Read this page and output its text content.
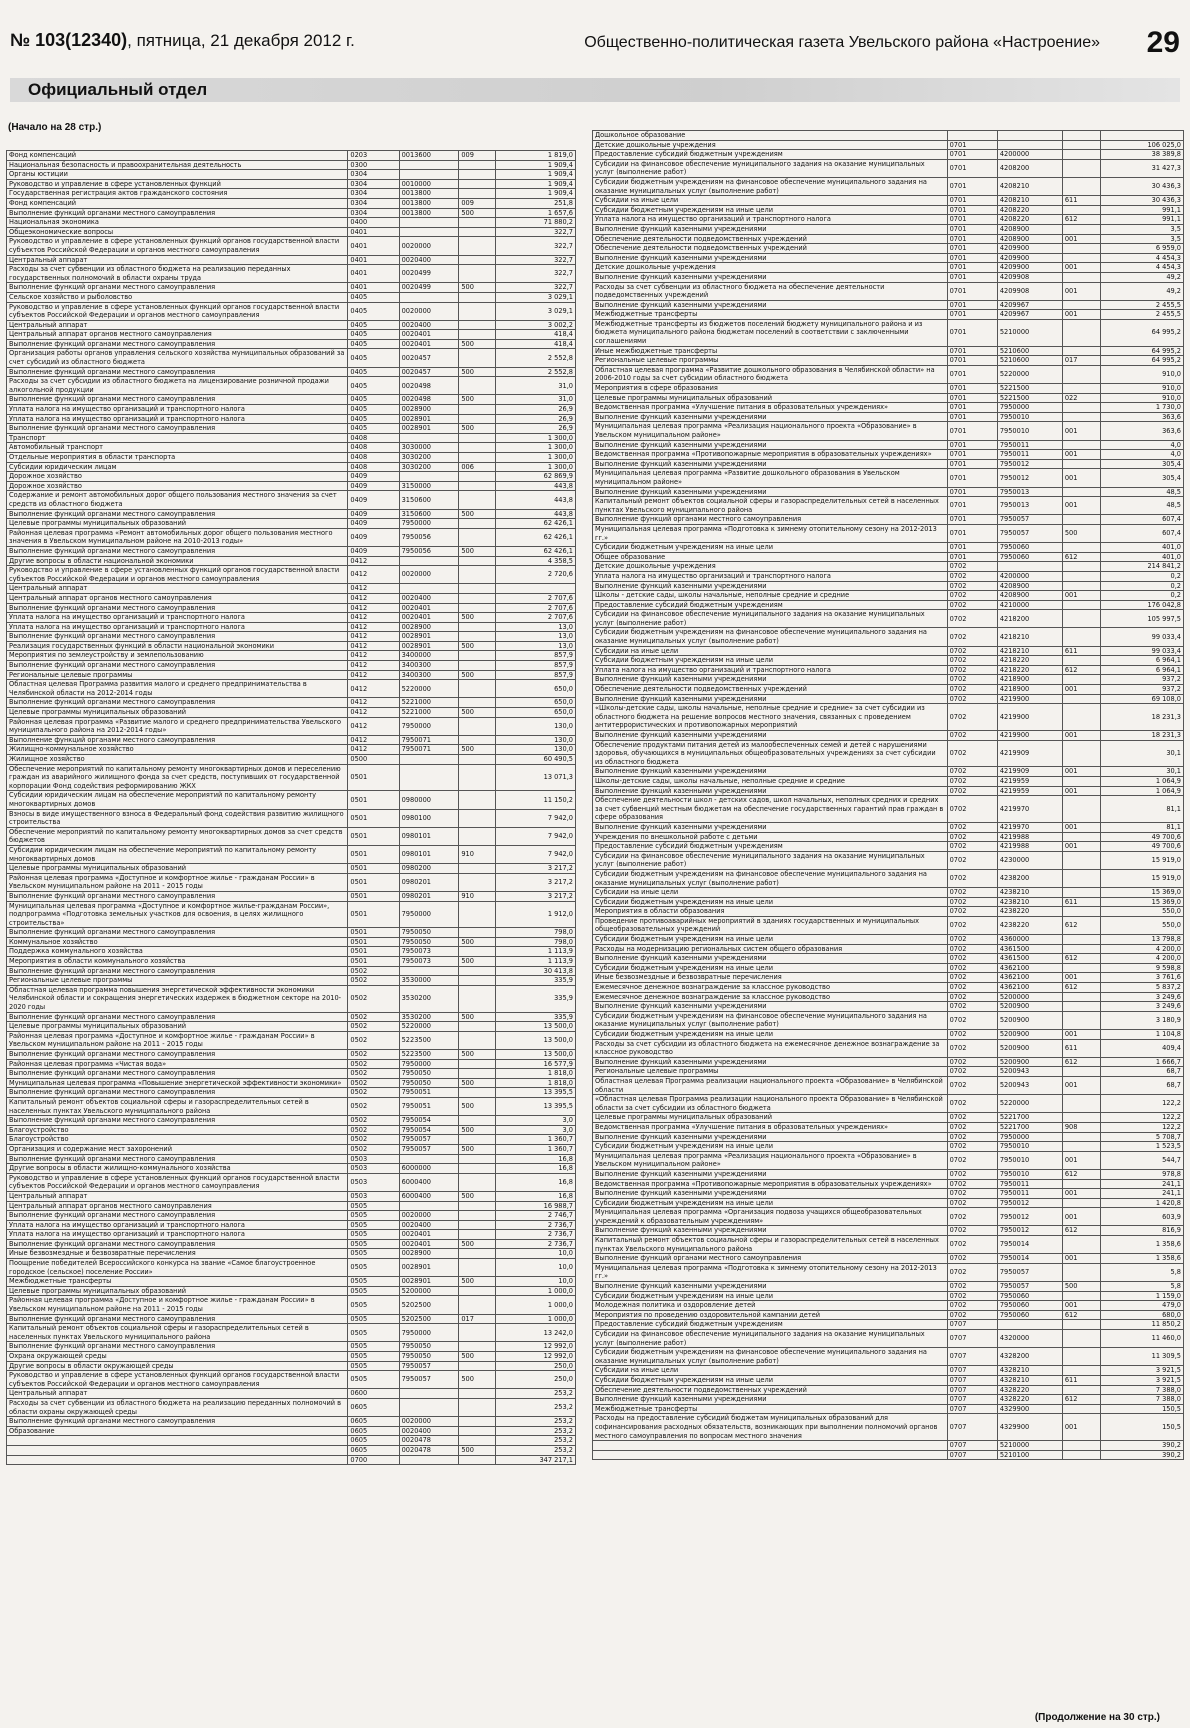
№ 103(12340), пятница, 21 декабря 2012 г.	Общественно-политическая газета Увельского района «Настроение» 29
Официальный отдел
(Начало на 28 стр.)
Фонд компенсаций	0203	0013600	009	1 819,0
Национальная безопасность и правоохранительная деятельность	0300			1 909,4
Органы юстиции	0304			1 909,4
Руководство и управление в сфере установленных функций	0304	0010000		1 909,4
Государственная регистрация актов гражданского состояния	0304	0013800		1 909,4
Фонд компенсаций	0304	0013800	009	251,8
Выполнение функций органами местного самоуправления	0304	0013800	500	1 657,6
Национальная экономика	0400			71 880,2
Общеэкономические вопросы	0401			322,7
Руководство и управление в сфере установленных функций органов государственной власти субъектов Российской Федерации и органов местного самоуправления	0401	0020000		322,7
Центральный аппарат	0401	0020400		322,7
Расходы за счет субвенции из областного бюджета на реализацию переданных государственных полномочий в области охраны труда	0401	0020499		322,7
Выполнение функций органами местного самоуправления	0401	0020499	500	322,7
Сельское хозяйство и рыболовство	0405			3 029,1
Руководство и управление в сфере установленных функций органов государственной власти субъектов Российской Федерации и органов местного самоуправления	0405	0020000		3 029,1
Центральный аппарат	0405	0020400		3 002,2
Центральный аппарат органов местного самоуправления	0405	0020401		418,4
Выполнение функций органами местного самоуправления	0405	0020401	500	418,4
Организация работы органов управления сельского хозяйства муниципальных образований за счет субсидий из областного бюджета	0405	0020457		2 552,8
Выполнение функций органами местного самоуправления	0405	0020457	500	2 552,8
Расходы за счет субсидии из областного бюджета на лицензирование розничной продажи алкогольной продукции	0405	0020498		31,0
Выполнение функций органами местного самоуправления	0405	0020498	500	31,0
Уплата налога на имущество организаций и транспортного налога	0405	0028900		26,9
Уплата налога на имущество организаций и транспортного налога	0405	0028901		26,9
Выполнение функций органами местного самоуправления	0405	0028901	500	26,9
Транспорт	0408			1 300,0
Автомобильный транспорт	0408	3030000		1 300,0
Отдельные мероприятия в области транспорта	0408	3030200		1 300,0
Субсидии юридическим лицам	0408	3030200	006	1 300,0
Дорожное хозяйство	0409			62 869,9
Дорожное хозяйство	0409	3150000		443,8
Содержание и ремонт автомобильных дорог общего пользования местного значения за счет средств из областного бюджета	0409	3150600		443,8
Выполнение функций органами местного самоуправления	0409	3150600	500	443,8
Целевые программы муниципальных образований	0409	7950000		62 426,1
Районная целевая программа «Ремонт автомобильных дорог общего пользования местного значения в Увельском муниципальном районе на 2010-2013 годы»	0409	7950056		62 426,1
Выполнение функций органами местного самоуправления	0409	7950056	500	62 426,1
Другие вопросы в области национальной экономики	0412			4 358,5
Руководство и управление в сфере установленных функций органов государственной власти субъектов Российской Федерации и органов местного самоуправления	0412	0020000		2 720,6
Центральный аппарат	0412			
Центральный аппарат органов местного самоуправления	0412	0020400		2 707,6
Выполнение функций органами местного самоуправления	0412	0020401		2 707,6
Уплата налога на имущество организаций и транспортного налога	0412	0020401	500	2 707,6
Уплата налога на имущество организаций и транспортного налога	0412	0028900		13,0
Выполнение функций органами местного самоуправления	0412	0028901		13,0
Реализация государственных функций в области национальной экономики	0412	0028901	500	13,0
Мероприятия по землеустройству и землепользованию	0412	3400000		857,9
Выполнение функций органами местного самоуправления	0412	3400300		857,9
Региональные целевые программы	0412	3400300	500	857,9
Областная целевая Программа развития малого и среднего предпринимательства в Челябинской области на 2012-2014 годы	0412	5220000		650,0
Выполнение функций органами местного самоуправления	0412	5221000		650,0
Целевые программы муниципальных образований	0412	5221000	500	650,0
Районная целевая программа «Развитие малого и среднего предпринимательства Увельского муниципального района на 2012-2014 годы»	0412	7950000		130,0
Выполнение функций органами местного самоуправления	0412	7950071		130,0
Жилищно-коммунальное хозяйство	0412	7950071	500	130,0
Жилищное хозяйство	0500			60 490,5
Обеспечение мероприятий по капитальному ремонту многоквартирных домов и переселению граждан из аварийного жилищного фонда за счет средств, поступивших от государственной корпорации Фонд содействия реформированию ЖКХ	0501			13 071,3
Субсидии юридическим лицам на обеспечение мероприятий по капитальному ремонту многоквартирных домов	0501	0980000		11 150,2
Взносы в виде имущественного взноса в Федеральный фонд содействия развитию жилищного строительства	0501	0980100		7 942,0
Обеспечение мероприятий по капитальному ремонту многоквартирных домов за счет средств бюджетов	0501	0980101		7 942,0
Субсидии юридическим лицам на обеспечение мероприятий по капитальному ремонту многоквартирных домов	0501	0980101	910	7 942,0
Целевые программы муниципальных образований	0501	0980200		3 217,2
Районная целевая программа «Доступное и комфортное жилье - гражданам России» в Увельском муниципальном районе на 2011 - 2015 годы	0501	0980201		3 217,2
Выполнение функций органами местного самоуправления	0501	0980201	910	3 217,2
Муниципальная целевая программа «Доступное и комфортное жилье-гражданам России», подпрограмма «Подготовка земельных участков для освоения, в целях жилищного строительства»	0501	7950000		1 912,0
Выполнение функций органами местного самоуправления	0501	7950050		798,0
Коммунальное хозяйство	0501	7950050	500	798,0
Поддержка коммунального хозяйства	0501	7950073		1 113,9
Мероприятия в области коммунального хозяйства	0501	7950073	500	1 113,9
Выполнение функций органами местного самоуправления	0502			30 413,8
Региональные целевые программы	0502	3530000		335,9
Областная целевая программа повышения энергетической эффективности экономики Челябинской области и сокращения энергетических издержек в бюджетном секторе на 2010-2020 годы	0502	3530200		335,9
Выполнение функций органами местного самоуправления	0502	3530200	500	335,9
Целевые программы муниципальных образований	0502	5220000		13 500,0
Районная целевая программа «Доступное и комфортное жилье - гражданам России» в Увельском муниципальном районе на 2011 - 2015 годы	0502	5223500		13 500,0
Выполнение функций органами местного самоуправления	0502	5223500	500	13 500,0
Районная целевая программа «Чистая вода»	0502	7950000		16 577,9
Выполнение функций органами местного самоуправления	0502	7950050		1 818,0
Муниципальная целевая программа «Повышение энергетической эффективности экономики»	0502	7950050	500	1 818,0
Выполнение функций органами местного самоуправления	0502	7950051		13 395,5
Капитальный ремонт объектов социальной сферы и газораспределительных сетей в населенных пунктах Увельского муниципального района	0502	7950051	500	13 395,5
Выполнение функций органами местного самоуправления	0502	7950054		3,0
Благоустройство	0502	7950054	500	3,0
Благоустройство	0502	7950057		1 360,7
Организация и содержание мест захоронений	0502	7950057	500	1 360,7
Выполнение функций органами местного самоуправления	0503			16,8
Другие вопросы в области жилищно-коммунального хозяйства	0503	6000000		16,8
Руководство и управление в сфере установленных функций органов государственной власти субъектов Российской Федерации и органов местного самоуправления	0503	6000400		16,8
Центральный аппарат	0503	6000400	500	16,8
Центральный аппарат органов местного самоуправления	0505			16 988,7
Выполнение функций органами местного самоуправления	0505	0020000		2 746,7
Уплата налога на имущество организаций и транспортного налога	0505	0020400		2 736,7
Уплата налога на имущество организаций и транспортного налога	0505	0020401		2 736,7
Выполнение функций органами местного самоуправления	0505	0020401	500	2 736,7
Иные безвозмездные и безвозвратные перечисления	0505	0028900		10,0
Поощрение победителей Всероссийского конкурса на звание «Самое благоустроенное городское (сельское) поселение России»	0505	0028901		10,0
Межбюджетные трансферты	0505	0028901	500	10,0
Целевые программы муниципальных образований	0505	5200000		1 000,0
Районная целевая программа «Доступное и комфортное жилье - гражданам России» в Увельском муниципальном районе на 2011 - 2015 годы	0505	5202500		1 000,0
Выполнение функций органами местного самоуправления	0505	5202500	017	1 000,0
Капитальный ремонт объектов социальной сферы и газораспределительных сетей в населенных пунктах Увельского муниципального района	0505	7950000		13 242,0
Выполнение функций органами местного самоуправления	0505	7950050		12 992,0
Охрана окружающей среды	0505	7950050	500	12 992,0
Другие вопросы в области окружающей среды	0505	7950057		250,0
Руководство и управление в сфере установленных функций органов государственной власти субъектов Российской Федерации и органов местного самоуправления	0505	7950057	500	250,0
Центральный аппарат	0600			253,2
Расходы за счет субвенции из областного бюджета на реализацию переданных полномочий в области охраны окружающей среды	0605			253,2
Выполнение функций органами местного самоуправления	0605	0020000		253,2
Образование	0605	0020400		253,2
	0605	0020478		253,2
	0605	0020478	500	253,2
	0700			347 217,1
Дошкольное образование				
Детские дошкольные учреждения	0701			106 025,0
Предоставление субсидий бюджетным учреждениям	0701	4200000		38 389,8
Субсидии на финансовое обеспечение муниципального задания на оказание муниципальных услуг (выполнение работ)	0701	4208200		31 427,3
Субсидии бюджетным учреждениям на финансовое обеспечение муниципального задания на оказание муниципальных услуг (выполнение работ)	0701	4208210		30 436,3
Субсидии на иные цели	0701	4208210	611	30 436,3
Субсидии бюджетным учреждениям на иные цели	0701	4208220		991,1
Уплата налога на имущество организаций и транспортного налога	0701	4208220	612	991,1
Выполнение функций казенными учреждениями	0701	4208900		3,5
Обеспечение деятельности подведомственных учреждений	0701	4208900	001	3,5
Обеспечение деятельности подведомственных учреждений	0701	4209900		6 959,0
Выполнение функций казенными учреждениями	0701	4209900		4 454,3
Детские дошкольные учреждения	0701	4209900	001	4 454,3
Выполнение функций казенными учреждениями	0701	4209908		49,2
Расходы за счет субвенции из областного бюджета на обеспечение деятельности подведомственных учреждений	0701	4209908	001	49,2
Выполнение функций казенными учреждениями	0701	4209967		2 455,5
Межбюджетные трансферты	0701	4209967	001	2 455,5
Межбюджетные трансферты из бюджетов поселений бюджету муниципального района и из бюджета муниципального района бюджетам поселений в соответствии с заключенными соглашениями	0701	5210000		64 995,2
Иные межбюджетные трансферты	0701	5210600		64 995,2
Региональные целевые программы	0701	5210600	017	64 995,2
Областная целевая программа «Развитие дошкольного образования в Челябинской области» на 2006-2010 годы за счет субсидии областного бюджета	0701	5220000		910,0
Мероприятия в сфере образования	0701	5221500		910,0
Целевые программы муниципальных образований	0701	5221500	022	910,0
Ведомственная программа «Улучшение питания в образовательных учреждениях»	0701	7950000		1 730,0
Выполнение функций казенными учреждениями	0701	7950010		363,6
Муниципальная целевая программа «Реализация национального проекта «Образование» в Увельском муниципальном районе»	0701	7950010	001	363,6
Выполнение функций казенными учреждениями	0701	7950011		4,0
Ведомственная программа «Противопожарные мероприятия в образовательных учреждениях»	0701	7950011	001	4,0
Выполнение функций казенными учреждениями	0701	7950012		305,4
Муниципальная целевая программа «Развитие дошкольного образования в Увельском муниципальном районе»	0701	7950012	001	305,4
Выполнение функций казенными учреждениями	0701	7950013		48,5
Капитальный ремонт объектов социальной сферы и газораспределительных сетей в населенных пунктах Увельского муниципального района	0701	7950013	001	48,5
Выполнение функций органами местного самоуправления	0701	7950057		607,4
Муниципальная целевая программа «Подготовка к зимнему отопительному сезону на 2012-2013 гг.»	0701	7950057	500	607,4
Субсидии бюджетным учреждениям на иные цели	0701	7950060		401,0
Общее образование	0701	7950060	612	401,0
Детские дошкольные учреждения	0702			214 841,2
Уплата налога на имущество организаций и транспортного налога	0702	4200000		0,2
Выполнение функций казенными учреждениями	0702	4208900		0,2
Школы - детские сады, школы начальные, неполные средние и средние	0702	4208900	001	0,2
Предоставление субсидий бюджетным учреждениям	0702	4210000		176 042,8
Субсидии на финансовое обеспечение муниципального задания на оказание муниципальных услуг (выполнение работ)	0702	4218200		105 997,5
Субсидии бюджетным учреждениям на финансовое обеспечение муниципального задания на оказание муниципальных услуг (выполнение работ)	0702	4218210		99 033,4
Субсидии на иные цели	0702	4218210	611	99 033,4
Субсидии бюджетным учреждениям на иные цели	0702	4218220		6 964,1
Уплата налога на имущество организаций и транспортного налога	0702	4218220	612	6 964,1
Выполнение функций казенными учреждениями	0702	4218900		937,2
Обеспечение деятельности подведомственных учреждений	0702	4218900	001	937,2
Выполнение функций казенными учреждениями	0702	4219900		69 108,0
«Школы-детские сады, школы начальные, неполные средние и средние» за счет субсидии из областного бюджета на решение вопросов местного значения, связанных с проведением антитеррористических и противопожарных мероприятий	0702	4219900		18 231,3
Выполнение функций казенными учреждениями	0702	4219900	001	18 231,3
Обеспечение продуктами питания детей из малообеспеченных семей и детей с нарушениями здоровья, обучающихся в муниципальных общеобразовательных учреждениях за счет субсидии из областного бюджета	0702	4219909		30,1
Выполнение функций казенными учреждениями	0702	4219909	001	30,1
Школы-детские сады, школы начальные, неполные средние и средние	0702	4219959		1 064,9
Выполнение функций казенными учреждениями	0702	4219959	001	1 064,9
Обеспечение деятельности школ - детских садов, школ начальных, неполных средних и средних за счет субвенций местным бюджетам на обеспечение государственных гарантий прав граждан в сфере образования	0702	4219970		81,1
Выполнение функций казенными учреждениями	0702	4219970	001	81,1
Учреждения по внешкольной работе с детьми	0702	4219988		49 700,6
Предоставление субсидий бюджетным учреждениям	0702	4219988	001	49 700,6
Субсидии на финансовое обеспечение муниципального задания на оказание муниципальных услуг (выполнение работ)	0702	4230000		15 919,0
Субсидии бюджетным учреждениям на финансовое обеспечение муниципального задания на оказание муниципальных услуг (выполнение работ)	0702	4238200		15 919,0
Субсидии на иные цели	0702	4238210		15 369,0
Субсидии бюджетным учреждениям на иные цели	0702	4238210	611	15 369,0
Мероприятия в области образования	0702	4238220		550,0
Проведение противоаварийных мероприятий в зданиях государственных и муниципальных общеобразовательных учреждений	0702	4238220	612	550,0
Субсидии бюджетным учреждениям на иные цели	0702	4360000		13 798,8
Расходы на модернизацию региональных систем общего образования	0702	4361500		4 200,0
Выполнение функций казенными учреждениями	0702	4361500	612	4 200,0
Субсидии бюджетным учреждениям на иные цели	0702	4362100		9 598,8
Иные безвозмездные и безвозвратные перечисления	0702	4362100	001	3 761,6
Ежемесячное денежное вознаграждение за классное руководство	0702	4362100	612	5 837,2
Ежемесячное денежное вознаграждение за классное руководство	0702	5200000		3 249,6
Выполнение функций казенными учреждениями	0702	5200900		3 249,6
Субсидии бюджетным учреждениям на финансовое обеспечение муниципального задания на оказание муниципальных услуг (выполнение работ)	0702	5200900		3 180,9
Субсидии бюджетным учреждениям на иные цели	0702	5200900	001	1 104,8
Расходы за счет субсидии из областного бюджета на ежемесячное денежное вознаграждение за классное руководство	0702	5200900	611	409,4
Выполнение функций казенными учреждениями	0702	5200900	612	1 666,7
Региональные целевые программы	0702	5200943		68,7
Областная целевая Программа реализации национального проекта «Образование» в Челябинской области	0702	5200943	001	68,7
«Областная целевая Программа реализации национального проекта Образование» в Челябинской области за счет субсидии из областного бюджета	0702	5220000		122,2
Целевые программы муниципальных образований	0702	5221700		122,2
Ведомственная программа «Улучшение питания в образовательных учреждениях»	0702	5221700	908	122,2
Выполнение функций казенными учреждениями	0702	7950000		5 708,7
Субсидии бюджетным учреждениям на иные цели	0702	7950010		1 523,5
Муниципальная целевая программа «Реализация национального проекта «Образование» в Увельском муниципальном районе»	0702	7950010	001	544,7
Выполнение функций казенными учреждениями	0702	7950010	612	978,8
Ведомственная программа «Противопожарные мероприятия в образовательных учреждениях»	0702	7950011		241,1
Выполнение функций казенными учреждениями	0702	7950011	001	241,1
Субсидии бюджетным учреждениям на иные цели	0702	7950012		1 420,8
Муниципальная целевая программа «Организация подвоза учащихся общеобразовательных учреждений к образовательным учреждениям»	0702	7950012	001	603,9
Выполнение функций казенными учреждениями	0702	7950012	612	816,9
Капитальный ремонт объектов социальной сферы и газораспределительных сетей в населенных пунктах Увельского муниципального района	0702	7950014		1 358,6
Выполнение функций органами местного самоуправления	0702	7950014	001	1 358,6
Муниципальная целевая программа «Подготовка к зимнему отопительному сезону на 2012-2013 гг.»	0702	7950057		5,8
Выполнение функций казенными учреждениями	0702	7950057	500	5,8
Субсидии бюджетным учреждениям на иные цели	0702	7950060		1 159,0
Молодежная политика и оздоровление детей	0702	7950060	001	479,0
Мероприятия по проведению оздоровительной кампании детей	0702	7950060	612	680,0
Предоставление субсидий бюджетным учреждениям	0707			11 850,2
Субсидии на финансовое обеспечение муниципального задания на оказание муниципальных услуг (выполнение работ)	0707	4320000		11 460,0
Субсидии бюджетным учреждениям на финансовое обеспечение муниципального задания на оказание муниципальных услуг (выполнение работ)	0707	4328200		11 309,5
Субсидии на иные цели	0707	4328210		3 921,5
Субсидии бюджетным учреждениям на иные цели	0707	4328210	611	3 921,5
Обеспечение деятельности подведомственных учреждений	0707	4328220		7 388,0
Выполнение функций казенными учреждениями	0707	4328220	612	7 388,0
Межбюджетные трансферты	0707	4329900		150,5
Расходы на предоставление субсидий бюджетам муниципальных образований для софинансирования расходных обязательств, возникающих при выполнении полномочий органов местного самоуправления по вопросам местного значения	0707	4329900	001	150,5
	0707	5210000		390,2
	0707	5210100		390,2
(Продолжение на 30 стр.)
